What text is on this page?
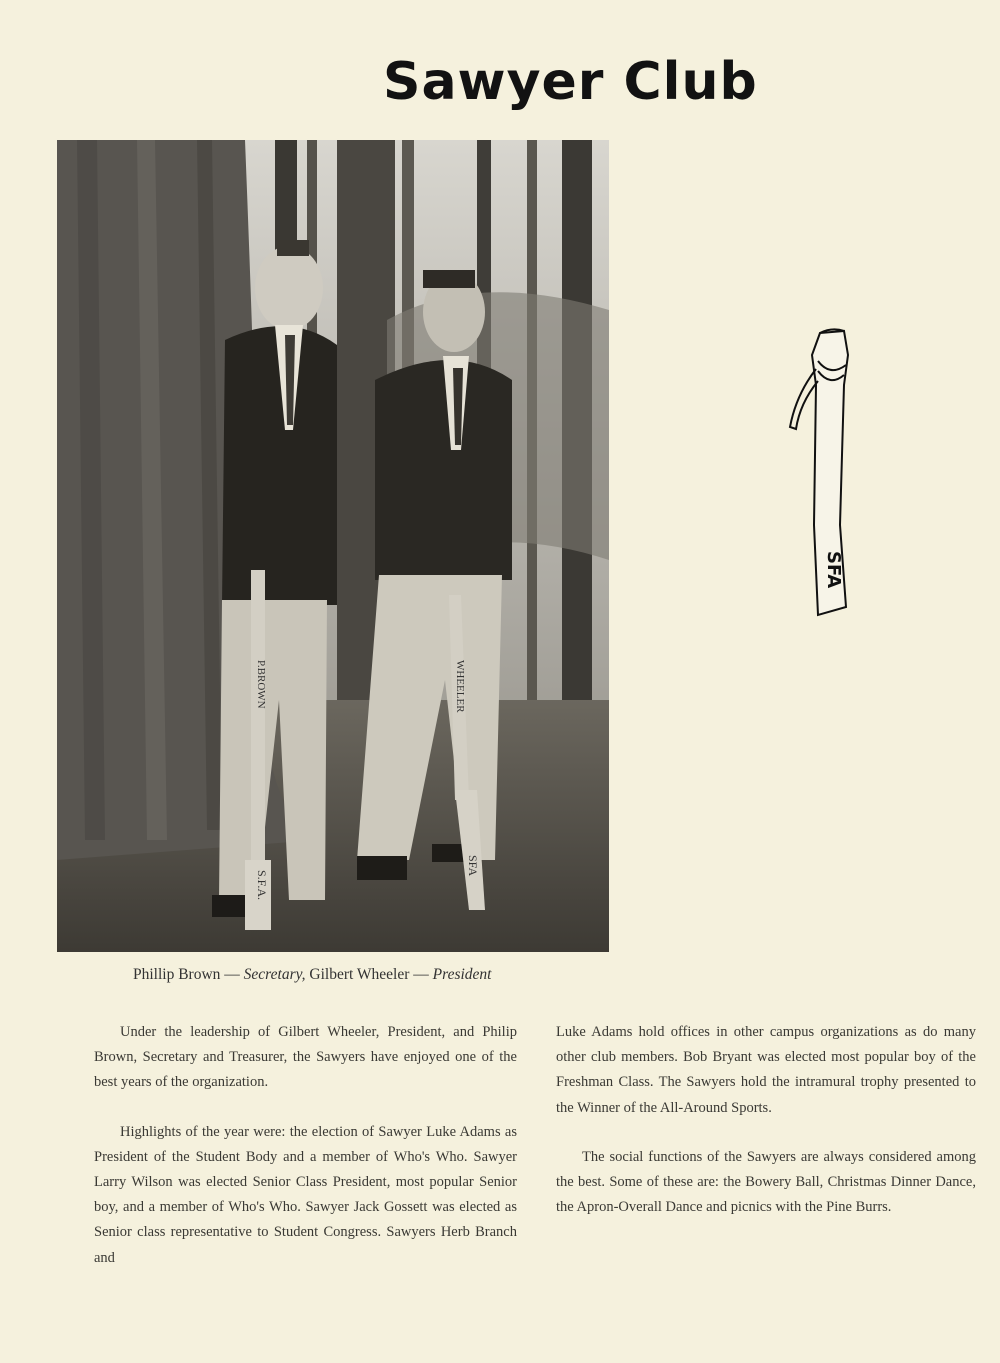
Sawyer Club
P.BROWN
S.F.A.
WHEELER
SFA
SFA
Phillip Brown — Secretary, Gilbert Wheeler — President

Under the leadership of Gilbert Wheeler, President, and Philip Brown, Secretary and Treasurer, the Sawyers have enjoyed one of the best years of the organization.

Highlights of the year were: the election of Sawyer Luke Adams as President of the Student Body and a member of Who's Who. Sawyer Larry Wilson was elected Senior Class President, most popular Senior boy, and a member of Who's Who. Sawyer Jack Gossett was elected as Senior class representative to Student Congress. Sawyers Herb Branch and

Luke Adams hold offices in other campus organizations as do many other club members. Bob Bryant was elected most popular boy of the Freshman Class. The Sawyers hold the intramural trophy presented to the Winner of the All-Around Sports.

The social functions of the Sawyers are always considered among the best. Some of these are: the Bowery Ball, Christmas Dinner Dance, the Apron-Overall Dance and picnics with the Pine Burrs.
